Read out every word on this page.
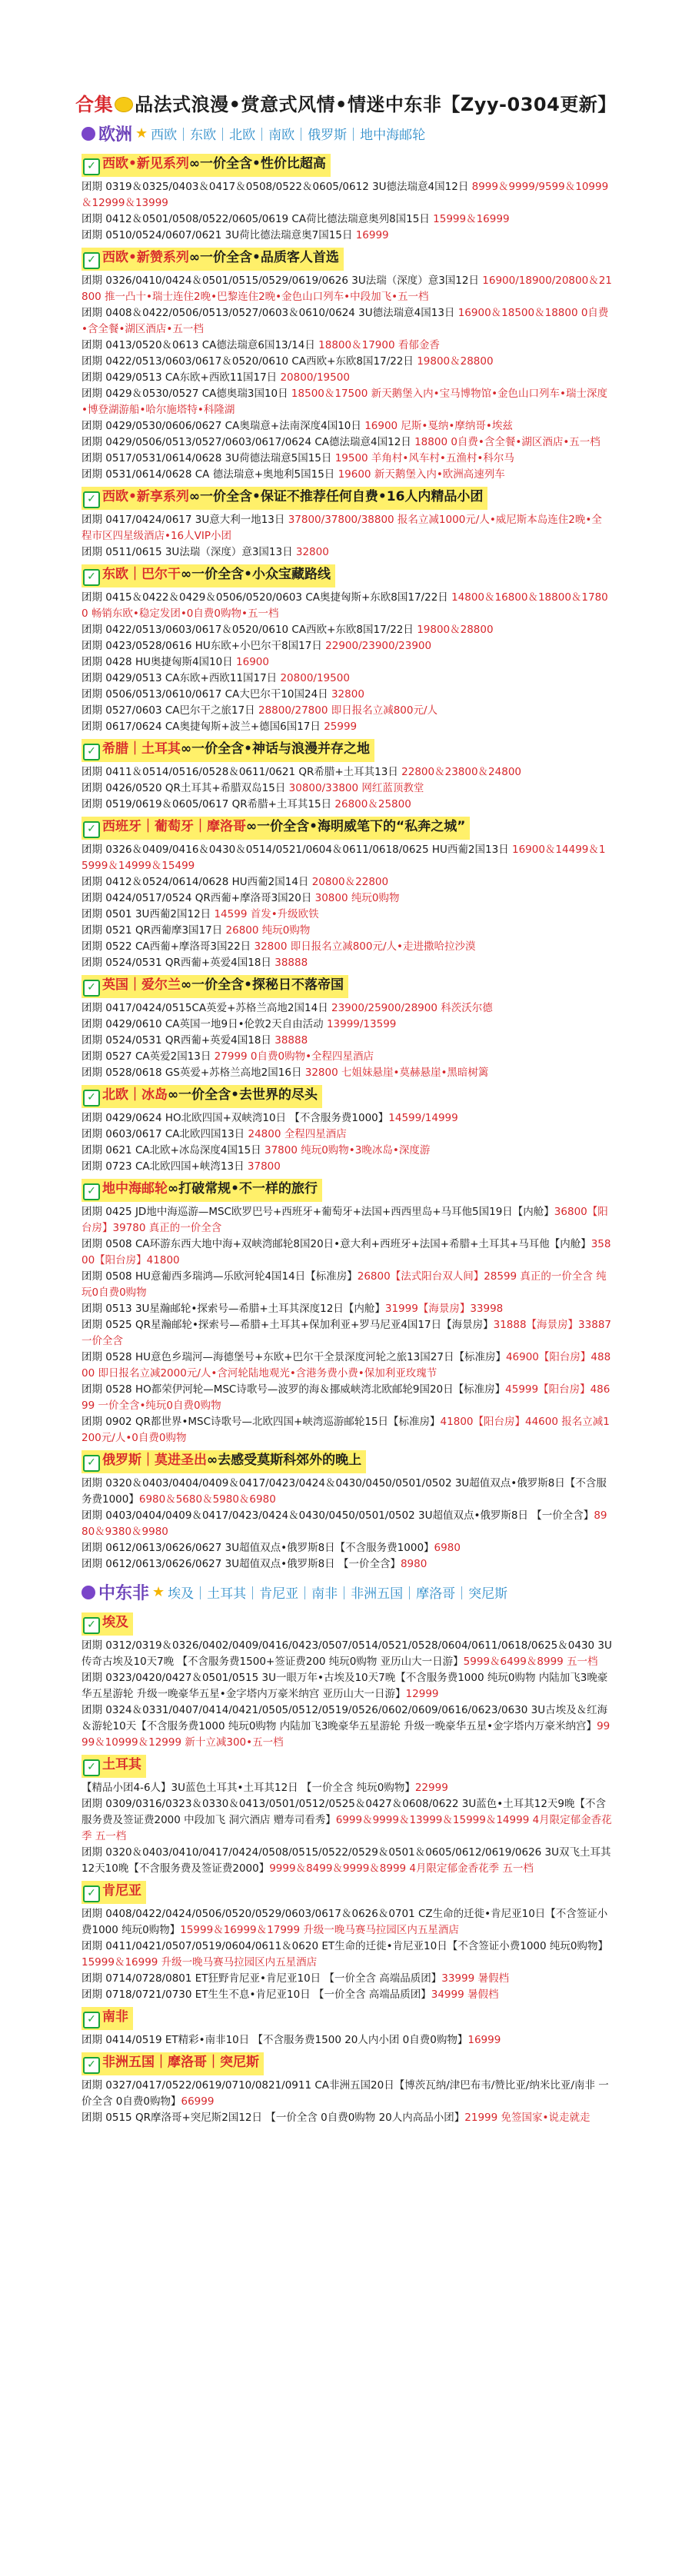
合集 品法式浪漫•赏意式风情•情迷中东非【Zyy-0304更新】
欧洲 ★ 西欧｜东欧｜北欧｜南欧｜俄罗斯｜地中海邮轮
✓ 西欧•新见系列∞一价全含•性价比超高
团期 0319＆0325/0403＆0417＆0508/0522＆0605/0612 3U德法瑞意4国12日 8999＆9999/9599＆10999＆12999＆13999
团期 0412＆0501/0508/0522/0605/0619 CA荷比德法瑞意奥列8国15日 15999＆16999
团期 0510/0524/0607/0621 3U荷比德法瑞意奥7国15日 16999
✓ 西欧•新赞系列∞一价全含•品质客人首选
团期 0326/0410/0424＆0501/0515/0529/0619/0626 3U法瑞（深度）意3国12日 16900/18900/20800＆21800 推一凸十•瑞士连住2晚•巴黎连住2晚•金色山口列车•中段加飞•五一档
团期 0408＆0422/0506/0513/0527/0603＆0610/0624 3U德法瑞意4国13日 16900＆18500＆18800 0自费•含全餐•湖区酒店•五一档
团期 0413/0520＆0613 CA德法瑞意6国13/14日 18800＆17900 看郁金香
团期 0422/0513/0603/0617＆0520/0610 CA西欧+东欧8国17/22日 19800＆28800
团期 0429/0513 CA东欧+西欧11国17日 20800/19500
团期 0429＆0530/0527 CA德奥瑞3国10日 18500＆17500 新天鹅堡入内•宝马博物馆•金色山口列车•瑞士深度•博登湖游船•哈尔施塔特•科隆湖
团期 0429/0530/0606/0627 CA奥瑞意+法南深度4国10日 16900 尼斯•戛纳•摩纳哥•埃兹
团期 0429/0506/0513/0527/0603/0617/0624 CA德法瑞意4国12日 18800 0自费•含全餐•湖区酒店•五一档
团期 0517/0531/0614/0628 3U荷德法瑞意5国15日 19500 羊角村•风车村•五渔村•科尔马
团期 0531/0614/0628 CA 德法瑞意+奥地利5国15日 19600 新天鹅堡入内•欧洲高速列车
✓ 西欧•新享系列∞一价全含•保证不推荐任何自费•16人内精品小团
团期 0417/0424/0617 3U意大利一地13日 37800/37800/38800 报名立减1000元/人•威尼斯本岛连住2晚•全程市区四星级酒店•16人VIP小团
团期 0511/0615 3U法瑞（深度）意3国13日 32800
✓ 东欧｜巴尔干∞一价全含•小众宝藏路线
团期 0415＆0422＆0429＆0506/0520/0603 CA奥捷匈斯+东欧8国17/22日 14800＆16800＆18800＆17800 畅销东欧•稳定发团•0自费0购物•五一档
团期 0422/0513/0603/0617＆0520/0610 CA西欧+东欧8国17/22日 19800＆28800
团期 0423/0528/0616 HU东欧+小巴尔干8国17日 22900/23900/23900
团期 0428 HU奥捷匈斯4国10日 16900
团期 0429/0513 CA东欧+西欧11国17日 20800/19500
团期 0506/0513/0610/0617 CA大巴尔干10国24日 32800
团期 0527/0603 CA巴尔干之旅17日 28800/27800 即日报名立减800元/人
团期 0617/0624 CA奥捷匈斯+波兰+德国6国17日 25999
✓ 希腊｜土耳其∞一价全含•神话与浪漫并存之地
团期 0411＆0514/0516/0528＆0611/0621 QR希腊+土耳其13日 22800＆23800＆24800
团期 0426/0520 QR土耳其+希腊双岛15日 30800/33800 网红蓝顶教堂
团期 0519/0619＆0605/0617 QR希腊+土耳其15日 26800＆25800
✓ 西班牙｜葡萄牙｜摩洛哥∞一价全含•海明威笔下的“私奔之城”
团期 0326＆0409/0416＆0430＆0514/0521/0604＆0611/0618/0625 HU西葡2国13日 16900＆14499＆15999＆14999＆15499
团期 0412＆0524/0614/0628 HU西葡2国14日 20800＆22800
团期 0424/0517/0524 QR西葡+摩洛哥3国20日 30800 纯玩0购物
团期 0501 3U西葡2国12日 14599 首发•升级欧铁
团期 0521 QR西葡摩3国17日 26800 纯玩0购物
团期 0522 CA西葡+摩洛哥3国22日 32800 即日报名立减800元/人•走进撒哈拉沙漠
团期 0524/0531 QR西葡+英爱4国18日 38888
✓ 英国｜爱尔兰∞一价全含•探秘日不落帝国
团期 0417/0424/0515CA英爱+苏格兰高地2国14日 23900/25900/28900 科茨沃尔德
团期 0429/0610 CA英国一地9日•伦敦2天自由活动 13999/13599
团期 0524/0531 QR西葡+英爱4国18日 38888
团期 0527 CA英爱2国13日 27999 0自费0购物•全程四星酒店
团期 0528/0618 GS英爱+苏格兰高地2国16日 32800 七姐妹悬崖•莫赫悬崖•黑暗树篱
✓ 北欧｜冰岛∞一价全含•去世界的尽头
团期 0429/0624 HO北欧四国+双峡湾10日 【不含服务费1000】14599/14999
团期 0603/0617 CA北欧四国13日 24800 全程四星酒店
团期 0621 CA北欧+冰岛深度4国15日 37800 纯玩0购物•3晚冰岛•深度游
团期 0723 CA北欧四国+峡湾13日 37800
✓ 地中海邮轮∞打破常规•不一样的旅行
团期 0425 JD地中海巡游—MSC欧罗巴号+西班牙+葡萄牙+法国+西西里岛+马耳他5国19日【内舱】36800【阳台房】39780 真正的一价全含
团期 0508 CA环游东西大地中海+双峡湾邮轮8国20日•意大利+西班牙+法国+希腊+土耳其+马耳他【内舱】35800【阳台房】41800
团期 0508 HU意葡西多瑞鸿—乐欧河轮4国14日【标准房】26800【法式阳台双人间】28599 真正的一价全含 纯玩0自费0购物
团期 0513 3U星瀚邮轮•探索号—希腊+土耳其深度12日【内舱】31999【海景房】33998
团期 0525 QR星瀚邮轮•探索号—希腊+土耳其+保加利亚+罗马尼亚4国17日【海景房】31888【海景房】33887 一价全含
团期 0528 HU意色乡瑞河—海德堡号+东欧+巴尔干全景深度河轮之旅13国27日【标准房】46900【阳台房】48800 即日报名立减2000元/人•含河轮陆地观光•含港务费小费•保加利亚玫瑰节
团期 0528 HO都荣伊河轮—MSC诗歌号—波罗的海＆挪威峡湾北欧邮轮9国20日【标准房】45999【阳台房】48699 一价全含•纯玩0自费0购物
团期 0902 QR都世界•MSC诗歌号—北欧四国+峡湾巡游邮轮15日【标准房】41800【阳台房】44600 报名立减1200元/人•0自费0购物
✓ 俄罗斯｜莫进圣出∞去感受莫斯科郊外的晚上
团期 0320＆0403/0404/0409＆0417/0423/0424＆0430/0450/0501/0502 3U超值双点•俄罗斯8日【不含服务费1000】6980＆5680＆5980＆6980
团期 0403/0404/0409＆0417/0423/0424＆0430/0450/0501/0502 3U超值双点•俄罗斯8日 【一价全含】8980＆9380＆9980
团期 0612/0613/0626/0627 3U超值双点•俄罗斯8日【不含服务费1000】6980
团期 0612/0613/0626/0627 3U超值双点•俄罗斯8日 【一价全含】8980
中东非 ★ 埃及｜土耳其｜肯尼亚｜南非｜非洲五国｜摩洛哥｜突尼斯
✓ 埃及
团期 0312/0319＆0326/0402/0409/0416/0423/0507/0514/0521/0528/0604/0611/0618/0625＆0430 3U传奇古埃及10天7晚 【不含服务费1500+签证费200 纯玩0购物 亚历山大一日游】5999＆6499＆8999 五一档
团期 0323/0420/0427＆0501/0515 3U一眼万年•古埃及10天7晚【不含服务费1000 纯玩0购物 内陆加飞3晚豪华五星游轮 升级一晚豪华五星•金字塔内万豪米纳宫 亚历山大一日游】12999
团期 0324＆0331/0407/0414/0421/0505/0512/0519/0526/0602/0609/0616/0623/0630 3U古埃及＆红海＆游轮10天【不含服务费1000 纯玩0购物 内陆加飞3晚豪华五星游轮 升级一晚豪华五星•金字塔内万豪米纳宫】9999＆10999＆12999 新十立减300•五一档
✓ 土耳其
【精品小团4-6人】3U蓝色土耳其•土耳其12日 【一价全含 纯玩0购物】22999
团期 0309/0316/0323＆0330＆0413/0501/0512/0525＆0427＆0608/0622 3U蓝色•土耳其12天9晚【不含服务费及签证费2000 中段加飞 洞穴酒店 赠寿司看秀】6999＆9999＆13999＆15999＆14999 4月限定郁金香花季 五一档
团期 0320＆0403/0410/0417/0424/0508/0515/0522/0529＆0501＆0605/0612/0619/0626 3U双飞土耳其12天10晚【不含服务费及签证费2000】9999＆8499＆9999＆8999 4月限定郁金香花季 五一档
✓ 肯尼亚
团期 0408/0422/0424/0506/0520/0529/0603/0617＆0626＆0701 CZ生命的迁徙•肯尼亚10日【不含签证小费1000 纯玩0购物】15999＆16999＆17999 升级一晚马赛马拉园区内五星酒店
团期 0411/0421/0507/0519/0604/0611＆0620 ET生命的迁徙•肯尼亚10日【不含签证小费1000 纯玩0购物】15999＆16999 升级一晚马赛马拉园区内五星酒店
团期 0714/0728/0801 ET狂野肯尼亚•肯尼亚10日 【一价全含 高端品质团】33999 暑假档
团期 0718/0721/0730 ET生生不息•肯尼亚10日 【一价全含 高端品质团】34999 暑假档
✓ 南非
团期 0414/0519 ET精彩•南非10日 【不含服务费1500 20人内小团 0自费0购物】16999
✓ 非洲五国｜摩洛哥｜突尼斯
团期 0327/0417/0522/0619/0710/0821/0911 CA非洲五国20日【博茨瓦纳/津巴布韦/赞比亚/纳米比亚/南非 一价全含 0自费0购物】66999
团期 0515 QR摩洛哥+突尼斯2国12日 【一价全含 0自费0购物 20人内高品小团】21999 免签国家•说走就走
